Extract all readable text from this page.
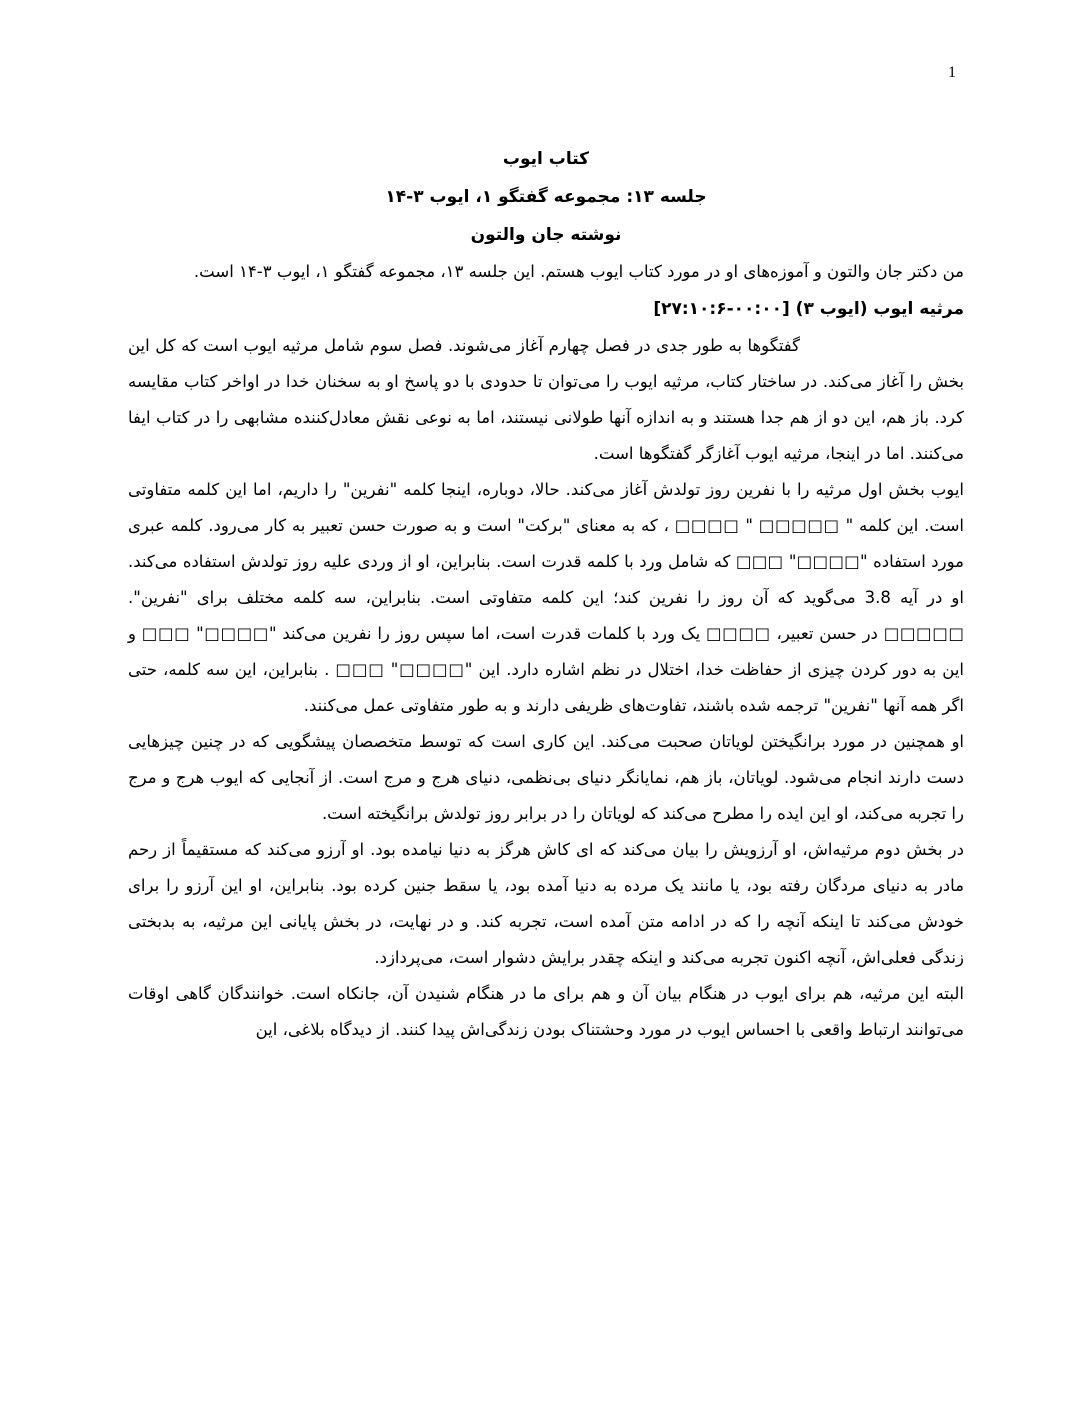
1

کتاب ایوب

جلسه ۱۳: مجموعه گفتگو ۱، ایوب ۳-۱۴

نوشته جان والتون

من دکتر جان والتون و آموزه‌های او در مورد کتاب ایوب هستم. این جلسه ۱۳، مجموعه گفتگو ۱، ایوب ۳-۱۴ است.

مرثیه ایوب (ایوب ۳) [۰۰:۰۰-۲۷:۱۰:۶]

گفتگوها به طور جدی در فصل چهارم آغاز می‌شوند. فصل سوم شامل مرثیه ایوب است که کل این بخش را آغاز می‌کند. در ساختار کتاب، مرثیه ایوب را می‌توان تا حدودی با دو پاسخ او به سخنان خدا در اواخر کتاب مقایسه کرد. باز هم، این دو از هم جدا هستند و به اندازه آنها طولانی نیستند، اما به نوعی نقش معادل‌کننده مشابهی را در کتاب ایفا می‌کنند. اما در اینجا، مرثیه ایوب آغازگر گفتگوها است.

ایوب بخش اول مرثیه را با نفرین روز تولدش آغاز می‌کند. حالا، دوباره، اینجا کلمه "نفرین" را داریم، اما این کلمه متفاوتی است. این کلمه " □□□□□ " □□□□ ، که به معنای "برکت" است و به صورت حسن تعبیر به کار می‌رود. کلمه عبری مورد استفاده "□□□□" □□□ که شامل ورد با کلمه قدرت است. بنابراین، او از وردی علیه روز تولدش استفاده می‌کند. او در آیه 3.8 می‌گوید که آن روز را نفرین کند؛ این کلمه متفاوتی است. بنابراین، سه کلمه مختلف برای "نفرین". □□□□□ در حسن تعبیر، □□□□ یک ورد با کلمات قدرت است، اما سپس روز را نفرین می‌کند "□□□□" □□□ و این به دور کردن چیزی از حفاظت خدا، اختلال در نظم اشاره دارد. این "□□□□" □□□ . بنابراین، این سه کلمه، حتی اگر همه آنها "نفرین" ترجمه شده باشند، تفاوت‌های ظریفی دارند و به طور متفاوتی عمل می‌کنند.

او همچنین در مورد برانگیختن لویاتان صحبت می‌کند. این کاری است که توسط متخصصان پیشگویی که در چنین چیزهایی دست دارند انجام می‌شود. لویاتان، باز هم، نمایانگر دنیای بی‌نظمی، دنیای هرج و مرج است. از آنجایی که ایوب هرج و مرج را تجربه می‌کند، او این ایده را مطرح می‌کند که لویاتان را در برابر روز تولدش برانگیخته است.

در بخش دوم مرثیه‌اش، او آرزویش را بیان می‌کند که ای کاش هرگز به دنیا نیامده بود. او آرزو می‌کند که مستقیماً از رحم مادر به دنیای مردگان رفته بود، یا مانند یک مرده به دنیا آمده بود، یا سقط جنین کرده بود. بنابراین، او این آرزو را برای خودش می‌کند تا اینکه آنچه را که در ادامه متن آمده است، تجربه کند. و در نهایت، در بخش پایانی این مرثیه، به بدبختی زندگی فعلی‌اش، آنچه اکنون تجربه می‌کند و اینکه چقدر برایش دشوار است، می‌پردازد.

البته این مرثیه، هم برای ایوب در هنگام بیان آن و هم برای ما در هنگام شنیدن آن، جانکاه است. خوانندگان گاهی اوقات می‌توانند ارتباط واقعی با احساس ایوب در مورد وحشتناک بودن زندگی‌اش پیدا کنند. از دیدگاه بلاغی، این
